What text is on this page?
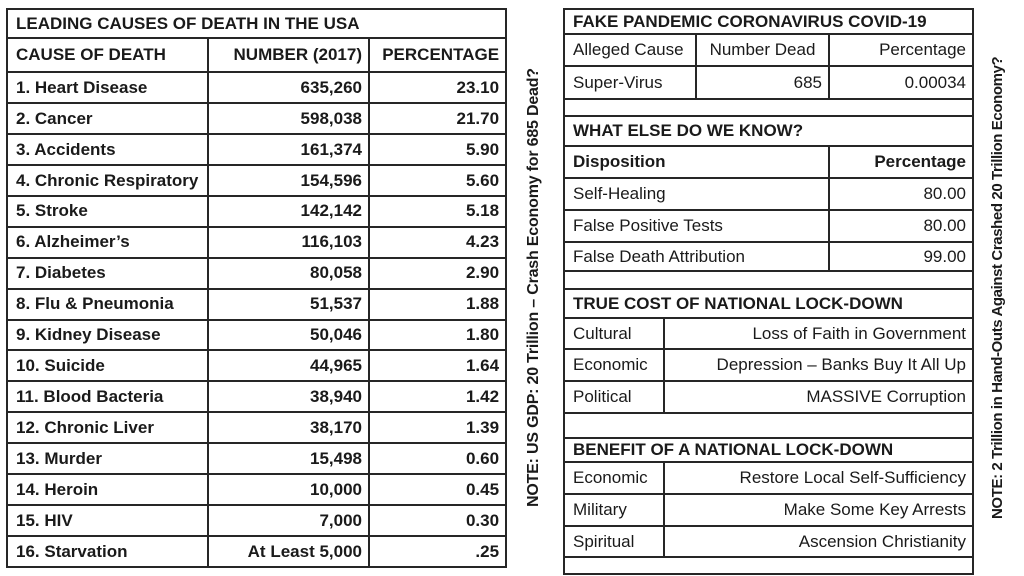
LEADING CAUSES OF DEATH IN THE USA		
CAUSE OF DEATH	NUMBER (2017)	PERCENTAGE
1. Heart Disease	635,260	23.10
2. Cancer	598,038	21.70
3. Accidents	161,374	5.90
4. Chronic Respiratory	154,596	5.60
5. Stroke	142,142	5.18
6. Alzheimer’s	116,103	4.23
7. Diabetes	80,058	2.90
8. Flu & Pneumonia	51,537	1.88
9. Kidney Disease	50,046	1.80
10. Suicide	44,965	1.64
11. Blood Bacteria	38,940	1.42
12. Chronic Liver	38,170	1.39
13. Murder	15,498	0.60
14. Heroin	10,000	0.45
15. HIV	7,000	0.30
16. Starvation	At Least 5,000	.25
NOTE: US GDP: 20 Trillion – Crash Economy for 685 Dead?
FAKE PANDEMIC CORONAVIRUS COVID-19			
Alleged Cause		Number Dead	Percentage
Super-Virus		685	0.00034

WHAT ELSE DO WE KNOW?			
Disposition			Percentage
Self-Healing			80.00
False Positive Tests			80.00
False Death Attribution			99.00

TRUE COST OF NATIONAL LOCK-DOWN			
Cultural	Loss of Faith in Government		
Economic	Depression – Banks Buy It All Up		
Political	MASSIVE Corruption		

BENEFIT OF A NATIONAL LOCK-DOWN			
Economic	Restore Local Self-Sufficiency		
Military	Make Some Key Arrests		
Spiritual	Ascension Christianity		

NOTE: 2 Trillion in Hand-Outs Against Crashed 20 Trillion Economy?
